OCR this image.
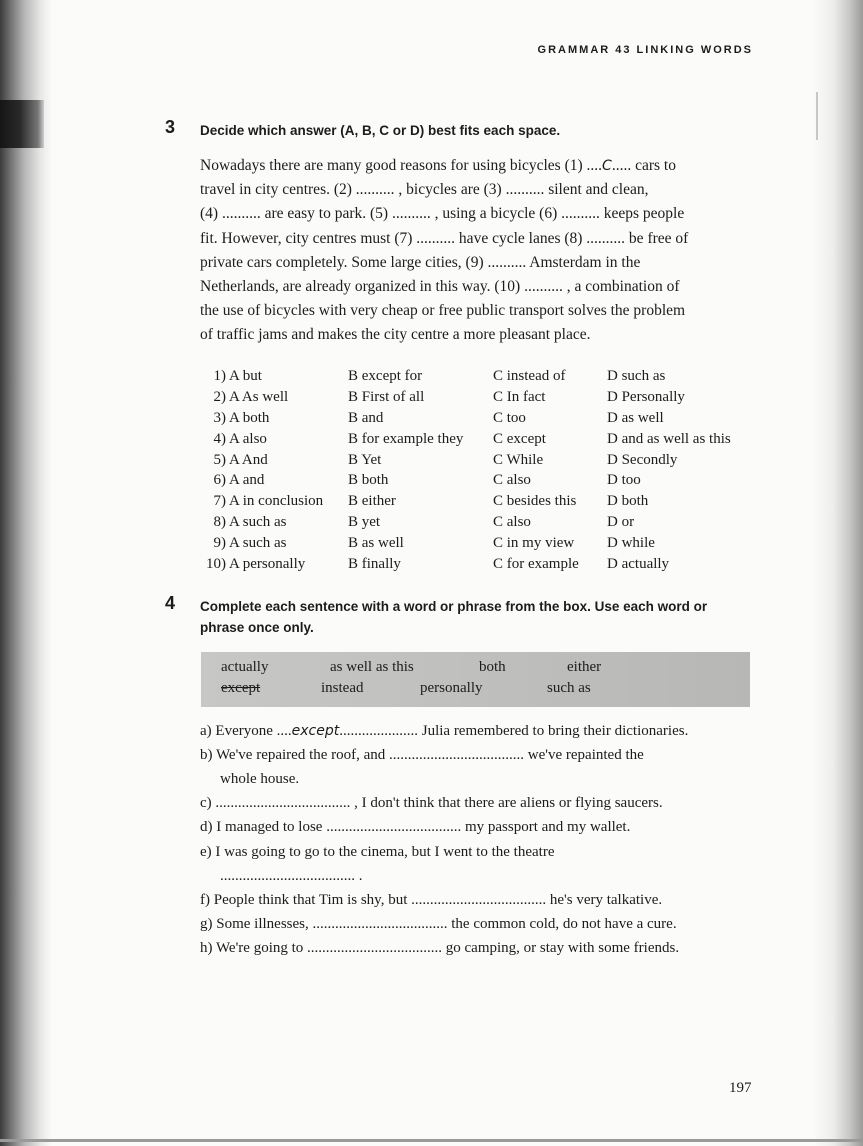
GRAMMAR 43 LINKING WORDS
3 Decide which answer (A, B, C or D) best fits each space.
Nowadays there are many good reasons for using bicycles (1) ....C..... cars to
travel in city centres. (2) .......... , bicycles are (3) .......... silent and clean,
(4) .......... are easy to park. (5) .......... , using a bicycle (6) .......... keeps people
fit. However, city centres must (7) .......... have cycle lanes (8) .......... be free of
private cars completely. Some large cities, (9) .......... Amsterdam in the
Netherlands, are already organized in this way. (10) .......... , a combination of
the use of bicycles with very cheap or free public transport solves the problem
of traffic jams and makes the city centre a more pleasant place.
1) A but	B except for	C instead of	D such as
2) A As well	B First of all	C In fact	D Personally
3) A both	B and	C too	D as well
4) A also	B for example they C except	D and as well as this
5) A And	B Yet	C While	D Secondly
6) A and	B both	C also	D too
7) A in conclusion B either	C besides this D both
8) A such as	B yet	C also	D or
9) A such as	B as well	C in my view D while
10) A personally	B finally	C for example D actually
4 Complete each sentence with a word or phrase from the box. Use each word or
phrase once only.
actually	as well as this	both	either
except	instead	personally	such as
a) Everyone ....except..................... Julia remembered to bring their dictionaries.
b) We've repaired the roof, and .................................... we've repainted the
whole house.
c) .................................... , I don't think that there are aliens or flying saucers.
d) I managed to lose .................................... my passport and my wallet.
e) I was going to go to the cinema, but I went to the theatre
.................................... .
f) People think that Tim is shy, but .................................... he's very talkative.
g) Some illnesses, .................................... the common cold, do not have a cure.
h) We're going to .................................... go camping, or stay with some friends.
197
